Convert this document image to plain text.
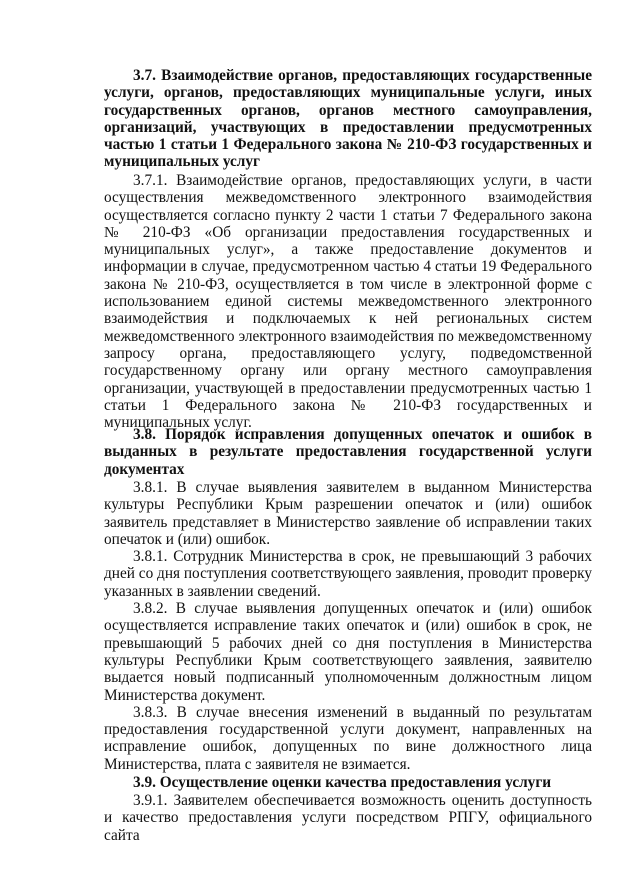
3.7. Взаимодействие органов, предоставляющих государственные услуги, органов, предоставляющих муниципальные услуги, иных государственных органов, органов местного самоуправления, организаций, участвующих в предоставлении предусмотренных частью 1 статьи 1 Федерального закона № 210-ФЗ государственных и муниципальных услуг

3.7.1. Взаимодействие органов, предоставляющих услуги, в части осуществления межведомственного электронного взаимодействия осуществляется согласно пункту 2 части 1 статьи 7 Федерального закона № 210-ФЗ «Об организации предоставления государственных и муниципальных услуг», а также предоставление документов и информации в случае, предусмотренном частью 4 статьи 19 Федерального закона № 210-ФЗ, осуществляется в том числе в электронной форме с использованием единой системы межведомственного электронного взаимодействия и подключаемых к ней региональных систем межведомственного электронного взаимодействия по межведомственному запросу органа, предоставляющего услугу, подведомственной государственному органу или органу местного самоуправления организации, участвующей в предоставлении предусмотренных частью 1 статьи 1 Федерального закона № 210-ФЗ государственных и муниципальных услуг.

3.8. Порядок исправления допущенных опечаток и ошибок в выданных в результате предоставления государственной услуги документах

3.8.1. В случае выявления заявителем в выданном Министерства культуры Республики Крым разрешении опечаток и (или) ошибок заявитель представляет в Министерство заявление об исправлении таких опечаток и (или) ошибок.

3.8.1. Сотрудник Министерства в срок, не превышающий 3 рабочих дней со дня поступления соответствующего заявления, проводит проверку указанных в заявлении сведений.

3.8.2. В случае выявления допущенных опечаток и (или) ошибок осуществляется исправление таких опечаток и (или) ошибок в срок, не превышающий 5 рабочих дней со дня поступления в Министерства культуры Республики Крым соответствующего заявления, заявителю выдается новый подписанный уполномоченным должностным лицом Министерства документ.

3.8.3. В случае внесения изменений в выданный по результатам предоставления государственной услуги документ, направленных на исправление ошибок, допущенных по вине должностного лица Министерства, плата с заявителя не взимается.

3.9. Осуществление оценки качества предоставления услуги

3.9.1. Заявителем обеспечивается возможность оценить доступность и качество предоставления услуги посредством РПГУ, официального сайта
